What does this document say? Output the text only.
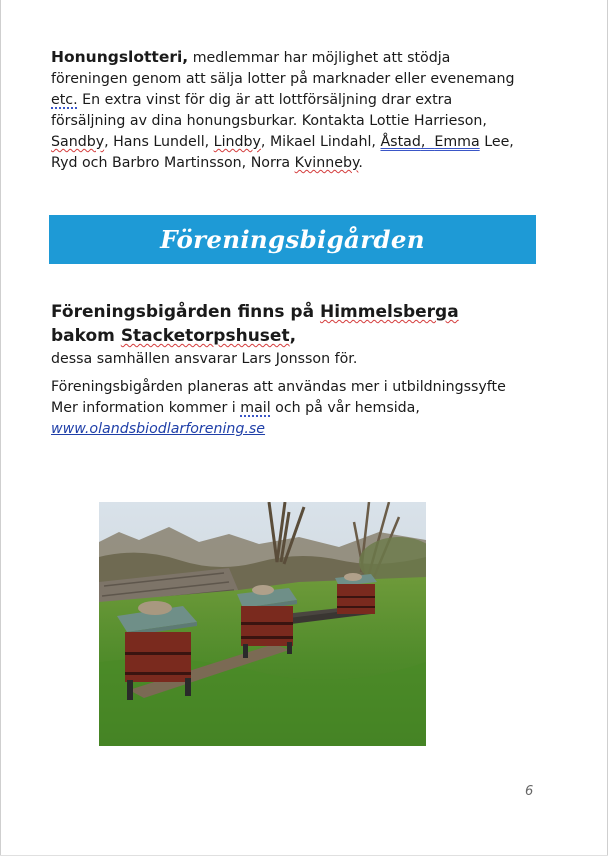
Honungslotteri, medlemmar har möjlighet att stödja föreningen genom att sälja lotter på marknader eller evenemang etc. En extra vinst för dig är att lottförsäljning drar extra försäljning av dina honungsburkar. Kontakta Lottie Harrieson, Sandby, Hans Lundell, Lindby, Mikael Lindahl, Åstad,  Emma Lee, Ryd och Barbro Martinsson, Norra Kvinneby.

Föreningsbigården
Föreningsbigården finns på Himmelsberga bakom Stacketorpshuset,

dessa samhällen ansvarar Lars Jonsson för.

Föreningsbigården planeras att användas mer i utbildningssyfte Mer information kommer i mail och på vår hemsida, www.olandsbiodlarforening.se

6
